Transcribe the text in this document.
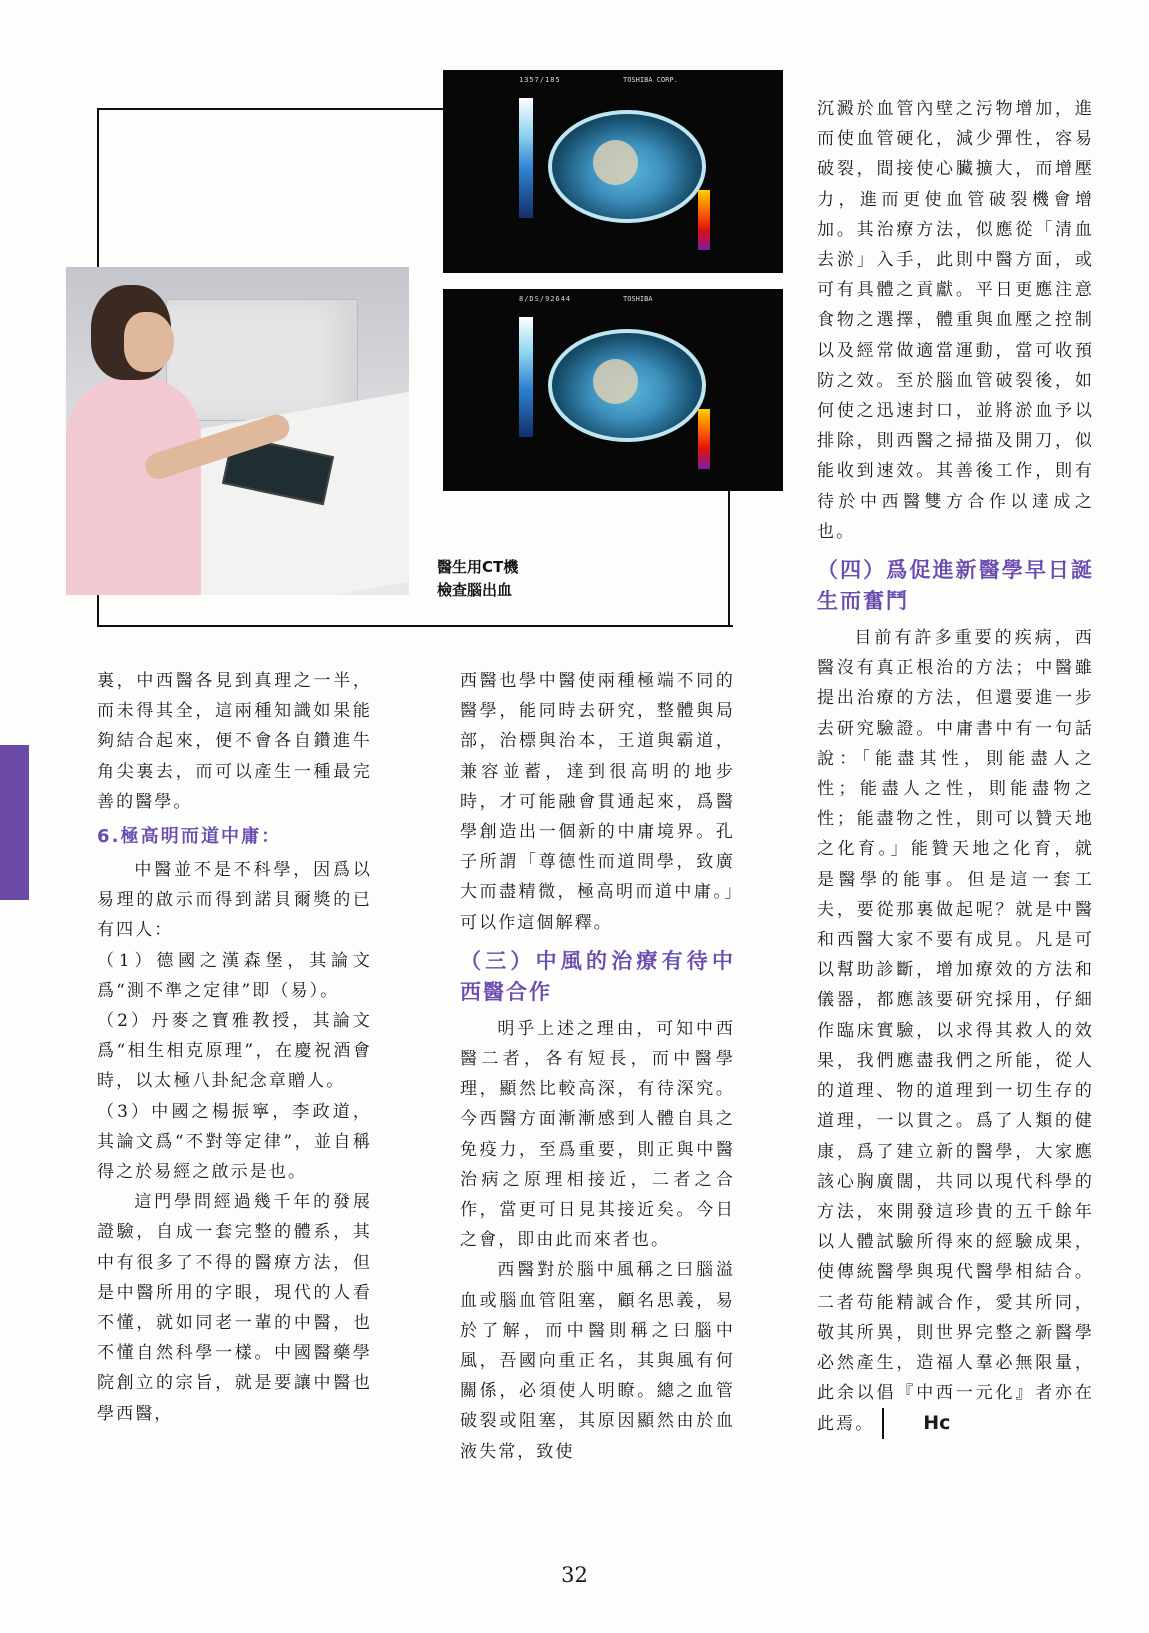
1357/185	TOSHIBA CORP.
8/DS/92644	TOSHIBA

醫生用CT機
檢查腦出血

裏，中西醫各見到真理之一半，而未得其全，這兩種知識如果能夠結合起來，便不會各自鑽進牛角尖裏去，而可以產生一種最完善的醫學。

6.極高明而道中庸：

中醫並不是不科學，因爲以易理的啟示而得到諾貝爾獎的已有四人：

（1）德國之漢森堡，其論文爲“測不準之定律”即（易）。

（2）丹麥之寶雅教授，其論文爲“相生相克原理”，在慶祝酒會時，以太極八卦紀念章贈人。

（3）中國之楊振寧，李政道，其論文爲“不對等定律”，並自稱得之於易經之啟示是也。

這門學問經過幾千年的發展證驗，自成一套完整的體系，其中有很多了不得的醫療方法，但是中醫所用的字眼，現代的人看不懂，就如同老一輩的中醫，也不懂自然科學一樣。中國醫藥學院創立的宗旨，就是要讓中醫也學西醫，

西醫也學中醫使兩種極端不同的醫學，能同時去研究，整體與局部，治標與治本，王道與霸道，兼容並蓄，達到很高明的地步時，才可能融會貫通起來，爲醫學創造出一個新的中庸境界。孔子所謂「尊德性而道問學，致廣大而盡精微，極高明而道中庸。」可以作這個解釋。

（三）中風的治療有待中西醫合作

明乎上述之理由，可知中西醫二者，各有短長，而中醫學理，顯然比較高深，有待深究。今西醫方面漸漸感到人體自具之免疫力，至爲重要，則正與中醫治病之原理相接近，二者之合作，當更可日見其接近矣。今日之會，即由此而來者也。

西醫對於腦中風稱之曰腦溢血或腦血管阻塞，顧名思義，易於了解，而中醫則稱之曰腦中風，吾國向重正名，其與風有何關係，必須使人明瞭。總之血管破裂或阻塞，其原因顯然由於血液失常，致使

沉澱於血管內壁之污物增加，進而使血管硬化，減少彈性，容易破裂，間接使心臟擴大，而增壓力，進而更使血管破裂機會增加。其治療方法，似應從「清血去淤」入手，此則中醫方面，或可有具體之貢獻。平日更應注意食物之選擇，體重與血壓之控制以及經常做適當運動，當可收預防之效。至於腦血管破裂後，如何使之迅速封口，並將淤血予以排除，則西醫之掃描及開刀，似能收到速效。其善後工作，則有待於中西醫雙方合作以達成之也。

（四）爲促進新醫學早日誕生而奮鬥

目前有許多重要的疾病，西醫沒有真正根治的方法；中醫雖提出治療的方法，但還要進一步去研究驗證。中庸書中有一句話說：「能盡其性，則能盡人之性；能盡人之性，則能盡物之性；能盡物之性，則可以贊天地之化育。」能贊天地之化育，就是醫學的能事。但是這一套工夫，要從那裏做起呢？就是中醫和西醫大家不要有成見。凡是可以幫助診斷，增加療效的方法和儀器，都應該要研究採用，仔細作臨床實驗，以求得其救人的效果，我們應盡我們之所能，從人的道理、物的道理到一切生存的道理，一以貫之。爲了人類的健康，爲了建立新的醫學，大家應該心胸廣闊，共同以現代科學的方法，來開發這珍貴的五千餘年以人體試驗所得來的經驗成果，使傳統醫學與現代醫學相結合。二者苟能精誠合作，愛其所同，敬其所異，則世界完整之新醫學必然產生，造福人羣必無限量，此余以倡『中西一元化』者亦在此焉。	Hc

32
